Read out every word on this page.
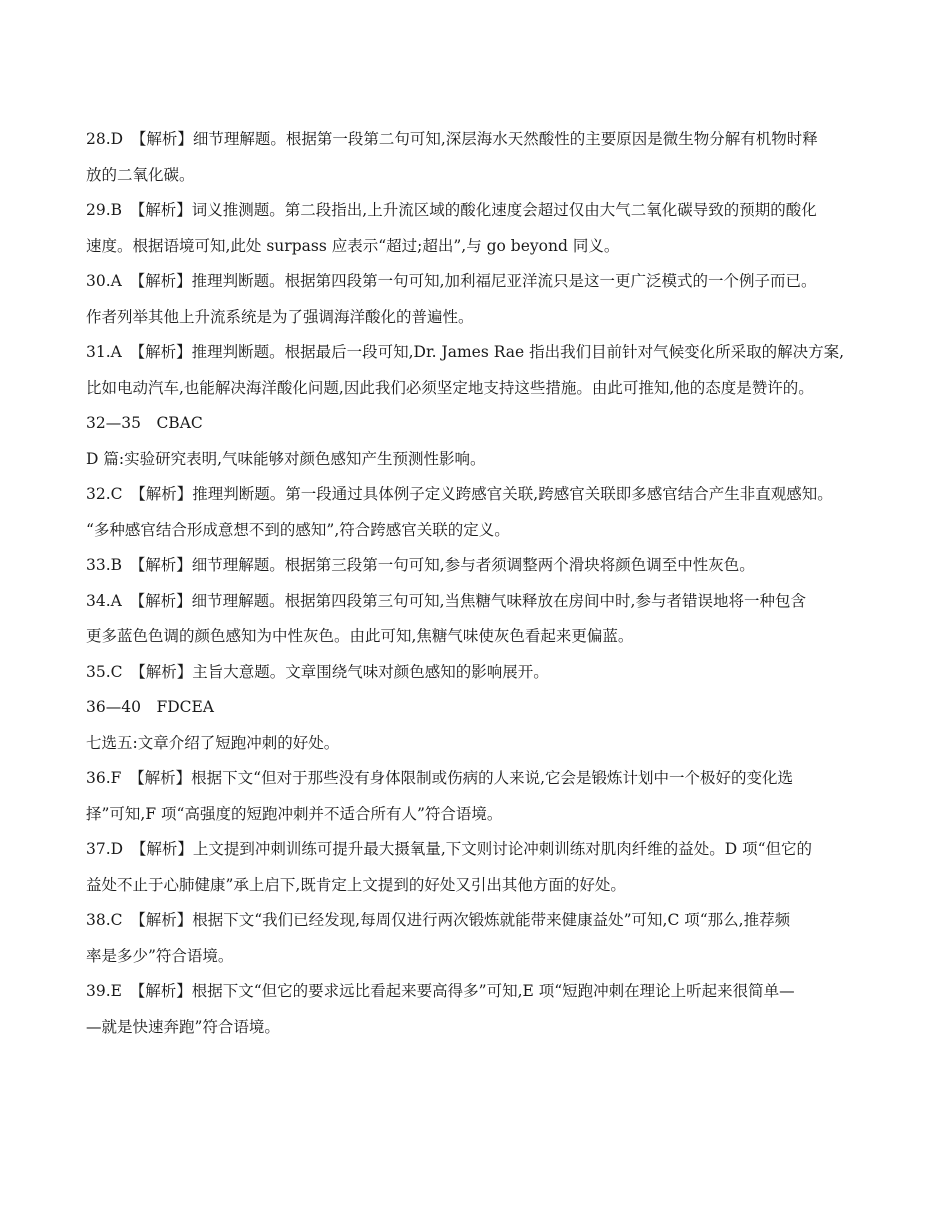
28.D　【解析】细节理解题。根据第一段第二句可知,深层海水天然酸性的主要原因是微生物分解有机物时释
放的二氧化碳。
29.B　【解析】词义推测题。第二段指出,上升流区域的酸化速度会超过仅由大气二氧化碳导致的预期的酸化
速度。根据语境可知,此处 surpass 应表示“超过;超出”,与 go beyond 同义。
30.A　【解析】推理判断题。根据第四段第一句可知,加利福尼亚洋流只是这一更广泛模式的一个例子而已。
作者列举其他上升流系统是为了强调海洋酸化的普遍性。
31.A　【解析】推理判断题。根据最后一段可知,Dr. James Rae 指出我们目前针对气候变化所采取的解决方案,
比如电动汽车,也能解决海洋酸化问题,因此我们必须坚定地支持这些措施。由此可推知,他的态度是赞许的。
32—35　CBAC
D 篇:实验研究表明,气味能够对颜色感知产生预测性影响。
32.C　【解析】推理判断题。第一段通过具体例子定义跨感官关联,跨感官关联即多感官结合产生非直观感知。
“多种感官结合形成意想不到的感知”,符合跨感官关联的定义。
33.B　【解析】细节理解题。根据第三段第一句可知,参与者须调整两个滑块将颜色调至中性灰色。
34.A　【解析】细节理解题。根据第四段第三句可知,当焦糖气味释放在房间中时,参与者错误地将一种包含
更多蓝色色调的颜色感知为中性灰色。由此可知,焦糖气味使灰色看起来更偏蓝。
35.C　【解析】主旨大意题。文章围绕气味对颜色感知的影响展开。
36—40　FDCEA
七选五:文章介绍了短跑冲刺的好处。
36.F　【解析】根据下文“但对于那些没有身体限制或伤病的人来说,它会是锻炼计划中一个极好的变化选
择”可知,F 项“高强度的短跑冲刺并不适合所有人”符合语境。
37.D　【解析】上文提到冲刺训练可提升最大摄氧量,下文则讨论冲刺训练对肌肉纤维的益处。D 项“但它的
益处不止于心肺健康”承上启下,既肯定上文提到的好处又引出其他方面的好处。
38.C　【解析】根据下文“我们已经发现,每周仅进行两次锻炼就能带来健康益处”可知,C 项“那么,推荐频
率是多少”符合语境。
39.E　【解析】根据下文“但它的要求远比看起来要高得多”可知,E 项“短跑冲刺在理论上听起来很简单—
—就是快速奔跑”符合语境。
